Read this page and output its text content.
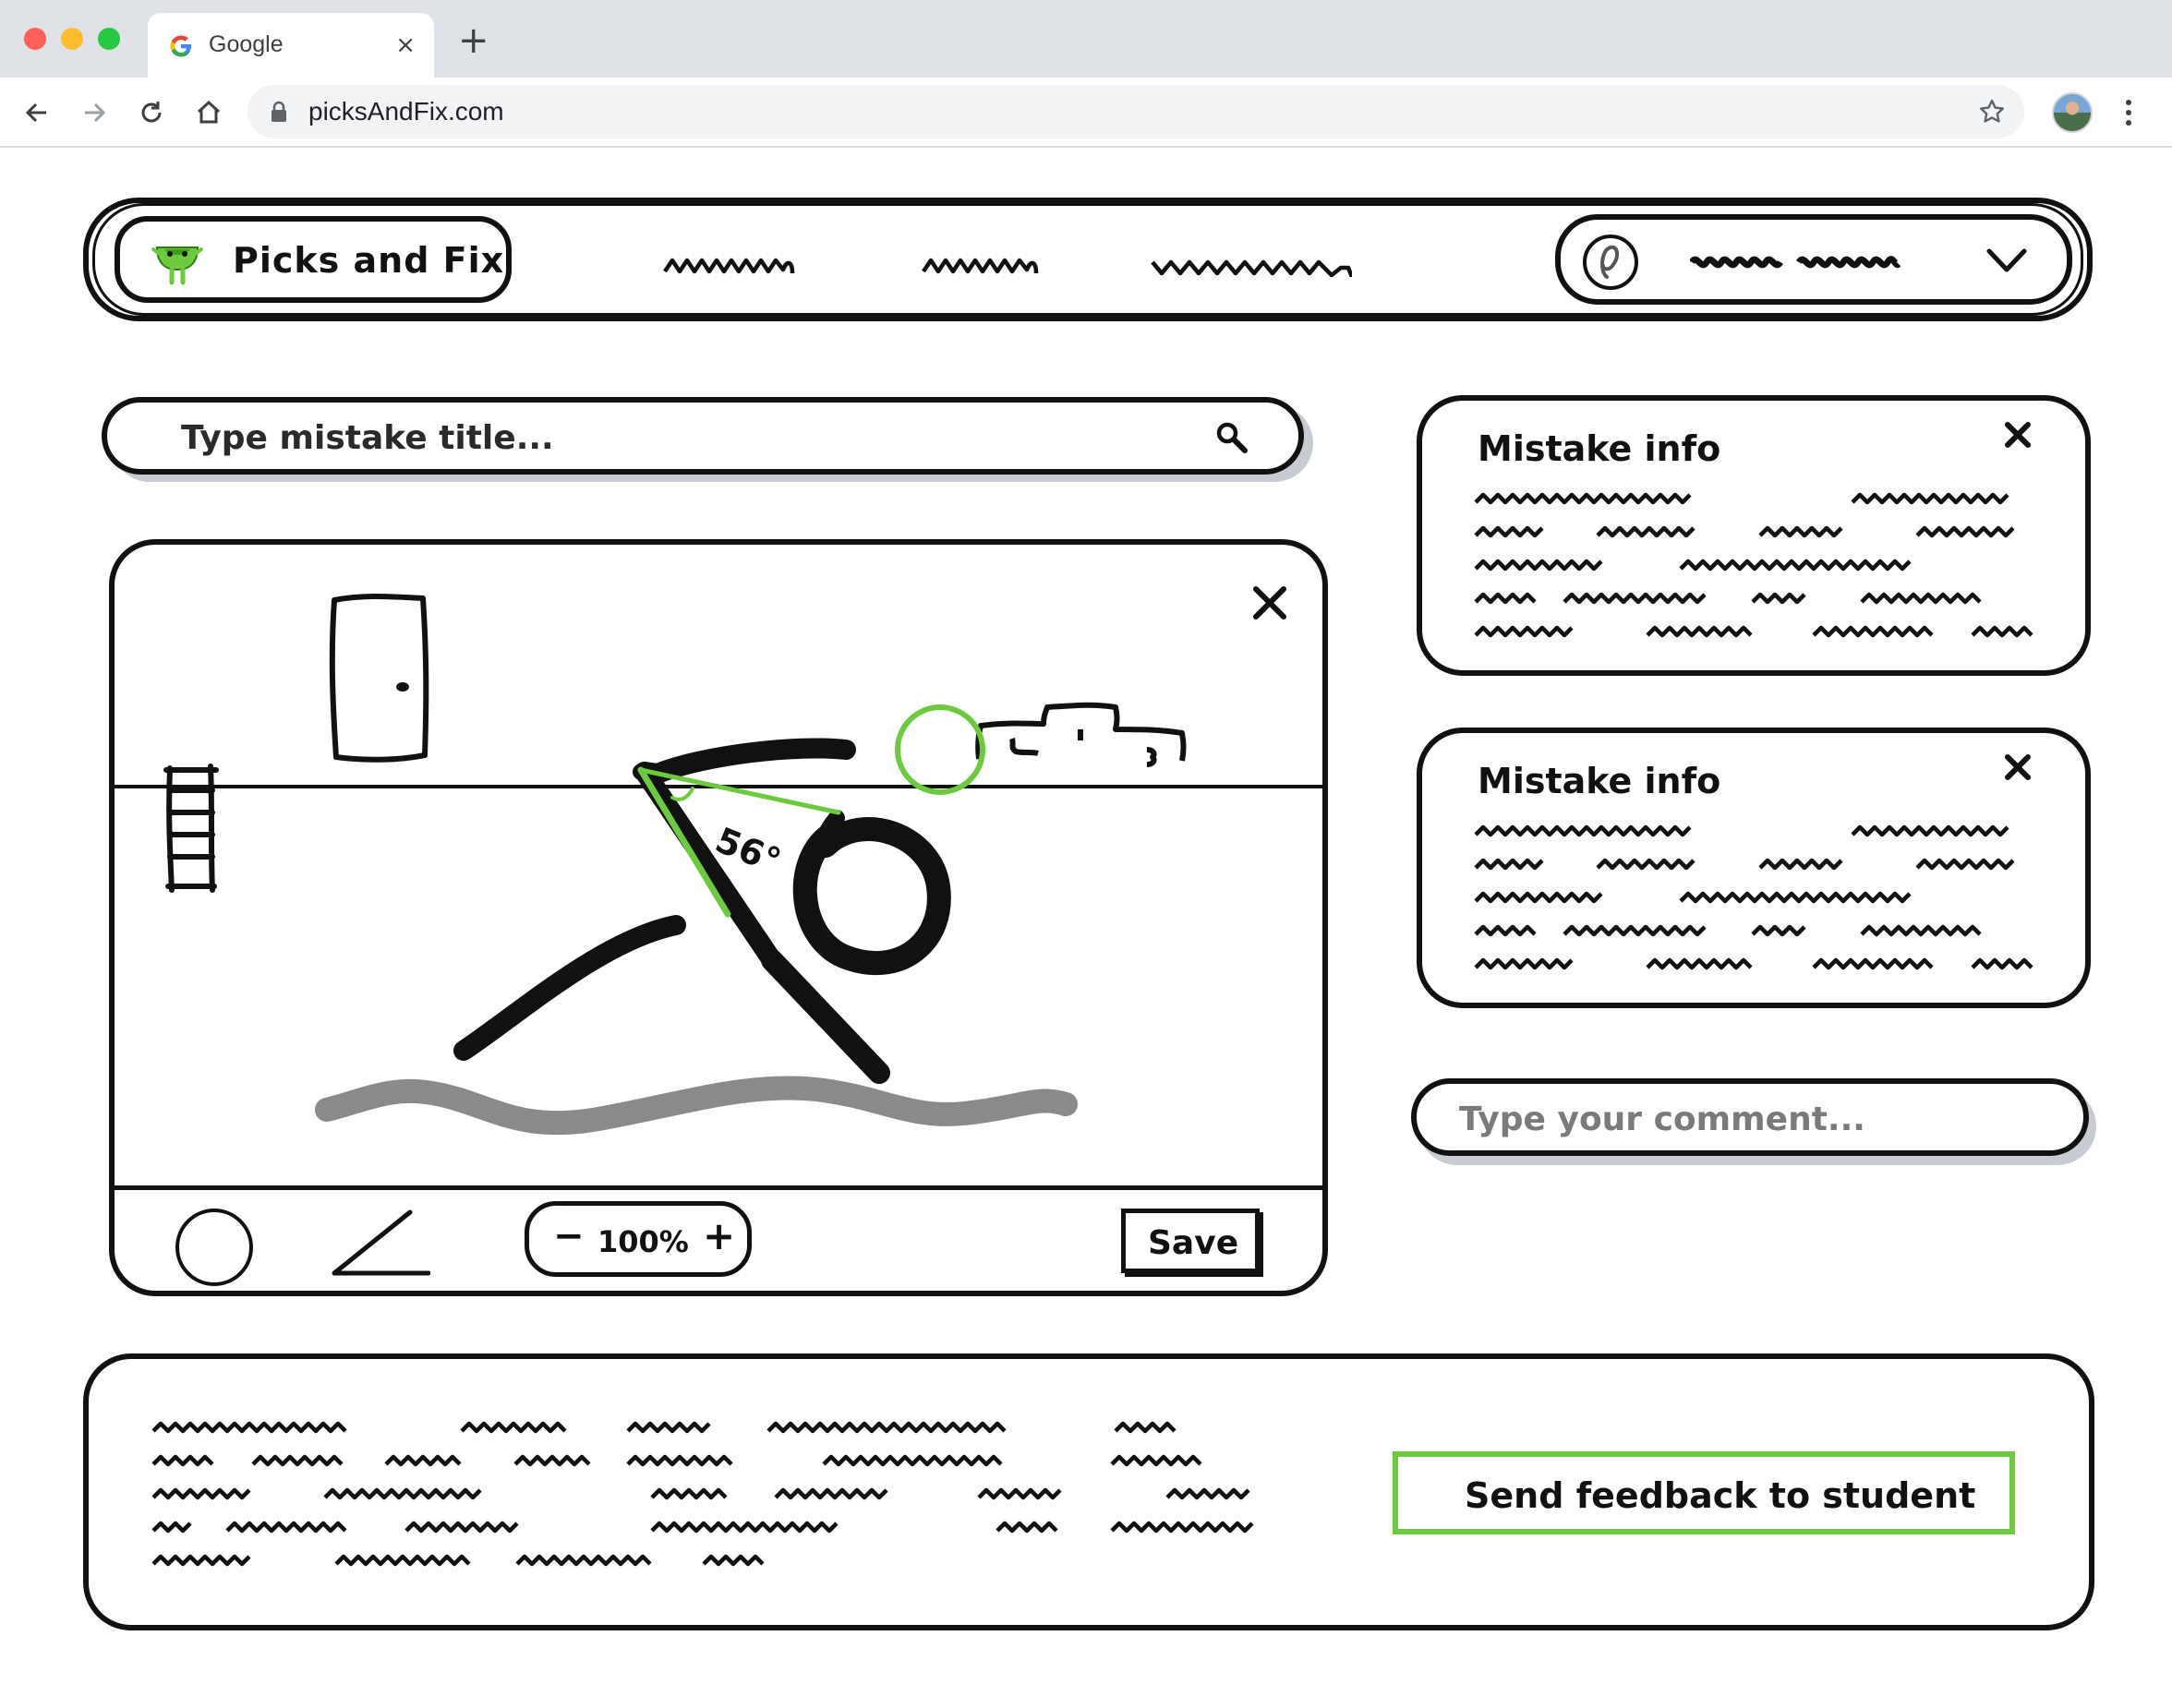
Google	× +
picksAndFix.com
Picks and Fix
Type mistake title...
56°
− 100% +	Save
Mistake info
Mistake info
Type your comment...
Send feedback to student
